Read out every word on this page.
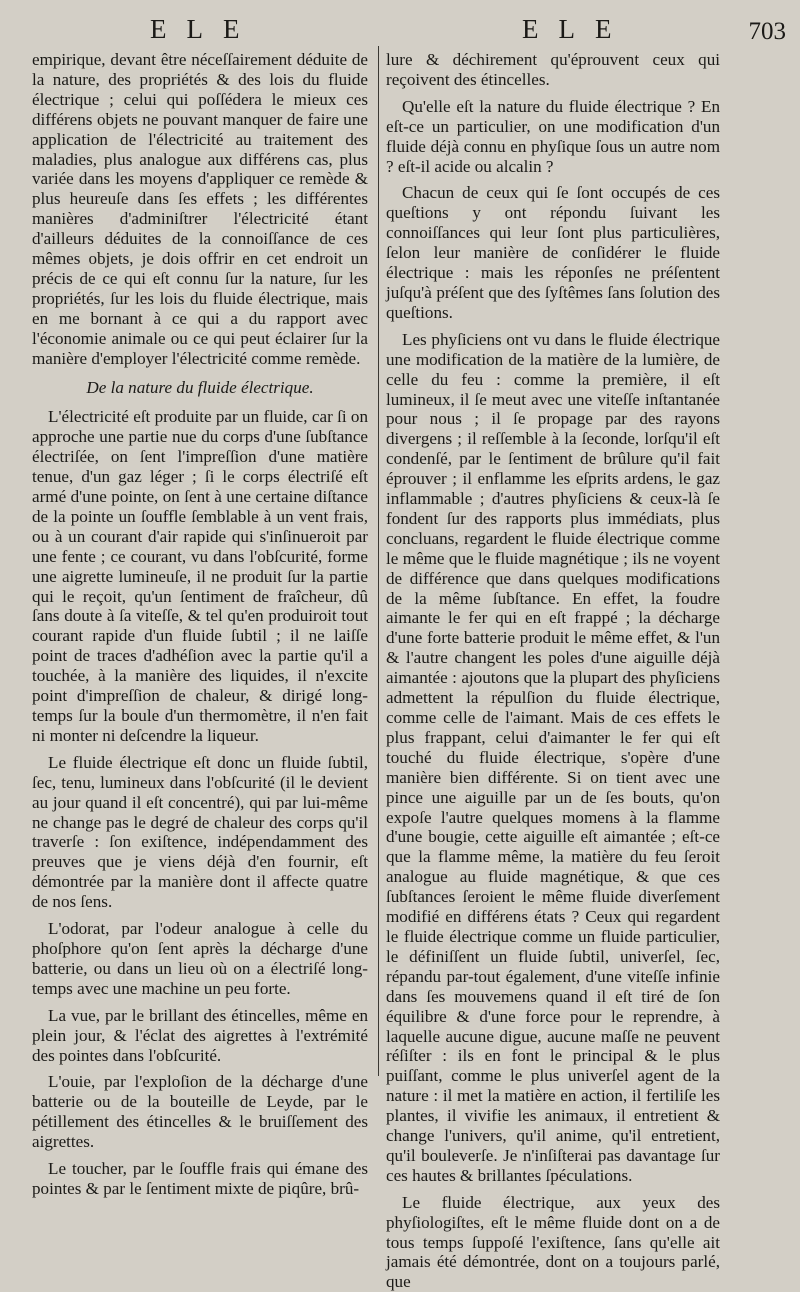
ELE	ELE	703

empirique, devant être néceſſairement déduite de la nature, des propriétés & des lois du fluide électrique ; celui qui poſſédera le mieux ces différens objets ne pouvant manquer de faire une application de l'électricité au traitement des maladies, plus analogue aux différens cas, plus variée dans les moyens d'appliquer ce remède & plus heureuſe dans ſes effets ; les différentes manières d'adminiſtrer l'électricité étant d'ailleurs déduites de la connoiſſance de ces mêmes objets, je dois offrir en cet endroit un précis de ce qui eſt connu ſur la nature, ſur les propriétés, ſur les lois du fluide électrique, mais en me bornant à ce qui a du rapport avec l'économie animale ou ce qui peut éclairer ſur la manière d'employer l'électricité comme remède.

De la nature du fluide électrique.

L'électricité eſt produite par un fluide, car ſi on approche une partie nue du corps d'une ſubſtance électriſée, on ſent l'impreſſion d'une matière tenue, d'un gaz léger ; ſi le corps électriſé eſt armé d'une pointe, on ſent à une certaine diſtance de la pointe un ſouffle ſemblable à un vent frais, ou à un courant d'air rapide qui s'inſinueroit par une fente ; ce courant, vu dans l'obſcurité, forme une aigrette lumineuſe, il ne produit ſur la partie qui le reçoit, qu'un ſentiment de fraîcheur, dû ſans doute à ſa viteſſe, & tel qu'en produiroit tout courant rapide d'un fluide ſubtil ; il ne laiſſe point de traces d'adhéſion avec la partie qu'il a touchée, à la manière des liquides, il n'excite point d'impreſſion de chaleur, & dirigé long-temps ſur la boule d'un thermomètre, il n'en fait ni monter ni deſcendre la liqueur.

Le fluide électrique eſt donc un fluide ſubtil, ſec, tenu, lumineux dans l'obſcurité (il le devient au jour quand il eſt concentré), qui par lui-même ne change pas le degré de chaleur des corps qu'il traverſe : ſon exiſtence, indépendamment des preuves que je viens déjà d'en fournir, eſt démontrée par la manière dont il affecte quatre de nos ſens.

L'odorat, par l'odeur analogue à celle du phoſphore qu'on ſent après la décharge d'une batterie, ou dans un lieu où on a électriſé long-temps avec une machine un peu forte.

La vue, par le brillant des étincelles, même en plein jour, & l'éclat des aigrettes à l'extrémité des pointes dans l'obſcurité.

L'ouie, par l'exploſion de la décharge d'une batterie ou de la bouteille de Leyde, par le pétillement des étincelles & le bruiſſement des aigrettes.

Le toucher, par le ſouffle frais qui émane des pointes & par le ſentiment mixte de piqûre, brû-

lure & déchirement qu'éprouvent ceux qui reçoivent des étincelles.

Qu'elle eſt la nature du fluide électrique ? En eſt-ce un particulier, on une modification d'un fluide déjà connu en phyſique ſous un autre nom ? eſt-il acide ou alcalin ?

Chacun de ceux qui ſe ſont occupés de ces queſtions y ont répondu ſuivant les connoiſſances qui leur ſont plus particulières, ſelon leur manière de conſidérer le fluide électrique : mais les réponſes ne préſentent juſqu'à préſent que des ſyſtêmes ſans ſolution des queſtions.

Les phyſiciens ont vu dans le fluide électrique une modification de la matière de la lumière, de celle du feu : comme la première, il eſt lumineux, il ſe meut avec une viteſſe inſtantanée pour nous ; il ſe propage par des rayons divergens ; il reſſemble à la ſeconde, lorſqu'il eſt condenſé, par le ſentiment de brûlure qu'il fait éprouver ; il enflamme les eſprits ardens, le gaz inflammable ; d'autres phyſiciens & ceux-là ſe fondent ſur des rapports plus immédiats, plus concluans, regardent le fluide électrique comme le même que le fluide magnétique ; ils ne voyent de différence que dans quelques modifications de la même ſubſtance. En effet, la foudre aimante le fer qui en eſt frappé ; la décharge d'une forte batterie produit le même effet, & l'un & l'autre changent les poles d'une aiguille déjà aimantée : ajoutons que la plupart des phyſiciens admettent la répulſion du fluide électrique, comme celle de l'aimant. Mais de ces effets le plus frappant, celui d'aimanter le fer qui eſt touché du fluide électrique, s'opère d'une manière bien différente. Si on tient avec une pince une aiguille par un de ſes bouts, qu'on expoſe l'autre quelques momens à la flamme d'une bougie, cette aiguille eſt aimantée ; eſt-ce que la flamme même, la matière du feu ſeroit analogue au fluide magnétique, & que ces ſubſtances ſeroient le même fluide diverſement modifié en différens états ? Ceux qui regardent le fluide électrique comme un fluide particulier, le définiſſent un fluide ſubtil, univerſel, ſec, répandu par-tout également, d'une viteſſe infinie dans ſes mouvemens quand il eſt tiré de ſon équilibre & d'une force pour le reprendre, à laquelle aucune digue, aucune maſſe ne peuvent réſiſter : ils en font le principal & le plus puiſſant, comme le plus univerſel agent de la nature : il met la matière en action, il fertiliſe les plantes, il vivifie les animaux, il entretient & change l'univers, qu'il anime, qu'il entretient, qu'il bouleverſe. Je n'inſiſterai pas davantage ſur ces hautes & brillantes ſpéculations.

Le fluide électrique, aux yeux des phyſiologiſtes, eſt le même fluide dont on a de tous temps ſuppoſé l'exiſtence, ſans qu'elle ait jamais été démontrée, dont on a toujours parlé, que
